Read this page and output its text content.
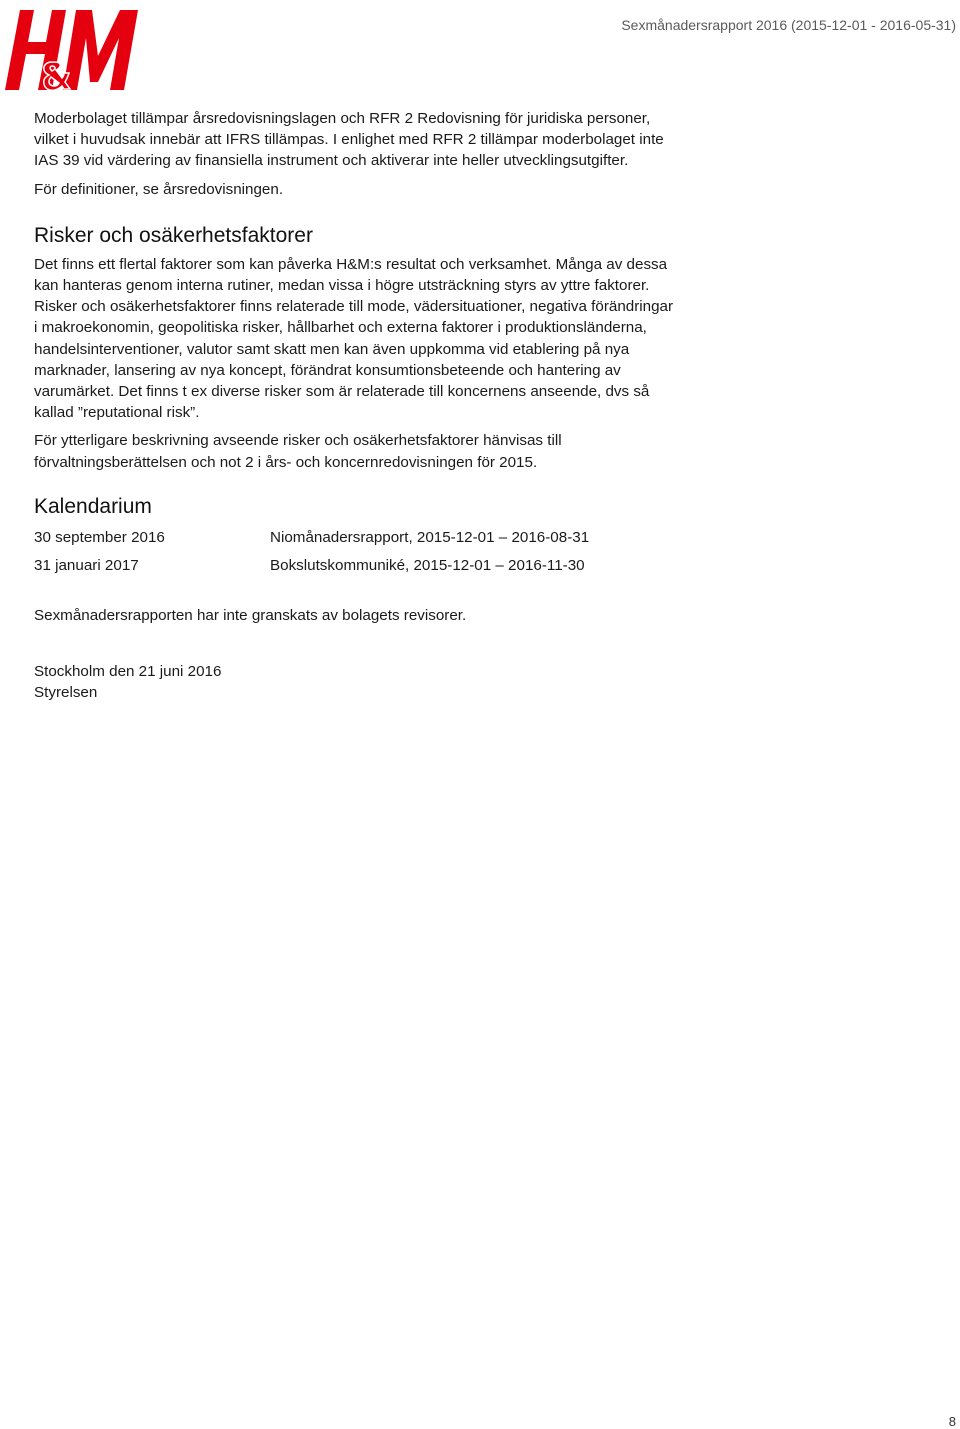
Sexmånadersrapport 2016 (2015-12-01 - 2016-05-31)

Moderbolaget tillämpar årsredovisningslagen och RFR 2 Redovisning för juridiska personer, vilket i huvudsak innebär att IFRS tillämpas. I enlighet med RFR 2 tillämpar moderbolaget inte IAS 39 vid värdering av finansiella instrument och aktiverar inte heller utvecklingsutgifter.

För definitioner, se årsredovisningen.

Risker och osäkerhetsfaktorer

Det finns ett flertal faktorer som kan påverka H&M:s resultat och verksamhet. Många av dessa kan hanteras genom interna rutiner, medan vissa i högre utsträckning styrs av yttre faktorer. Risker och osäkerhetsfaktorer finns relaterade till mode, vädersituationer, negativa förändringar i makroekonomin, geopolitiska risker, hållbarhet och externa faktorer i produktionsländerna, handelsinterventioner, valutor samt skatt men kan även uppkomma vid etablering på nya marknader, lansering av nya koncept, förändrat konsumtionsbeteende och hantering av varumärket. Det finns t ex diverse risker som är relaterade till koncernens anseende, dvs så kallad ”reputational risk”.

För ytterligare beskrivning avseende risker och osäkerhetsfaktorer hänvisas till förvaltningsberättelsen och not 2 i års- och koncernredovisningen för 2015.

Kalendarium
30 september 2016	Niomånadersrapport, 2015-12-01 – 2016-08-31
31 januari 2017	Bokslutskommuniké, 2015-12-01 – 2016-11-30

Sexmånadersrapporten har inte granskats av bolagets revisorer.

Stockholm den 21 juni 2016

Styrelsen

8
